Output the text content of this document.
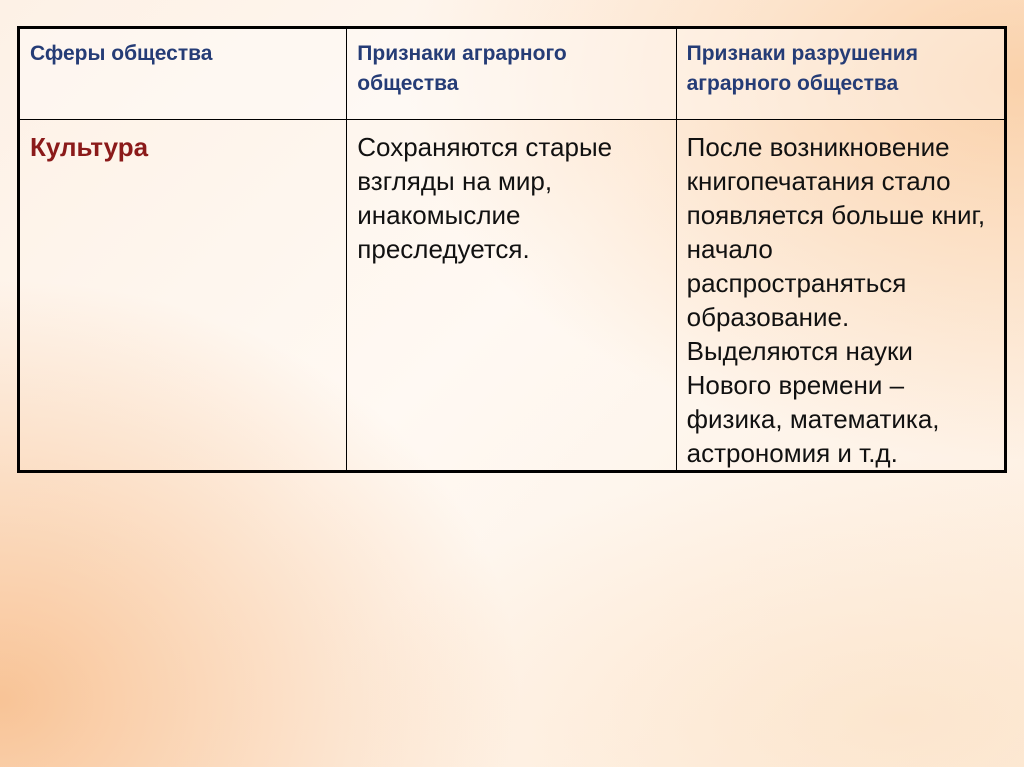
Сферы общества	Признаки аграрного общества	Признаки разрушения аграрного общества
Культура	Сохраняются старые взгляды на мир, инакомыслие преследуется.	После возникновение книгопечатания стало появляется больше книг, начало распространяться образование. Выделяются науки Нового времени – физика, математика, астрономия и т.д.
